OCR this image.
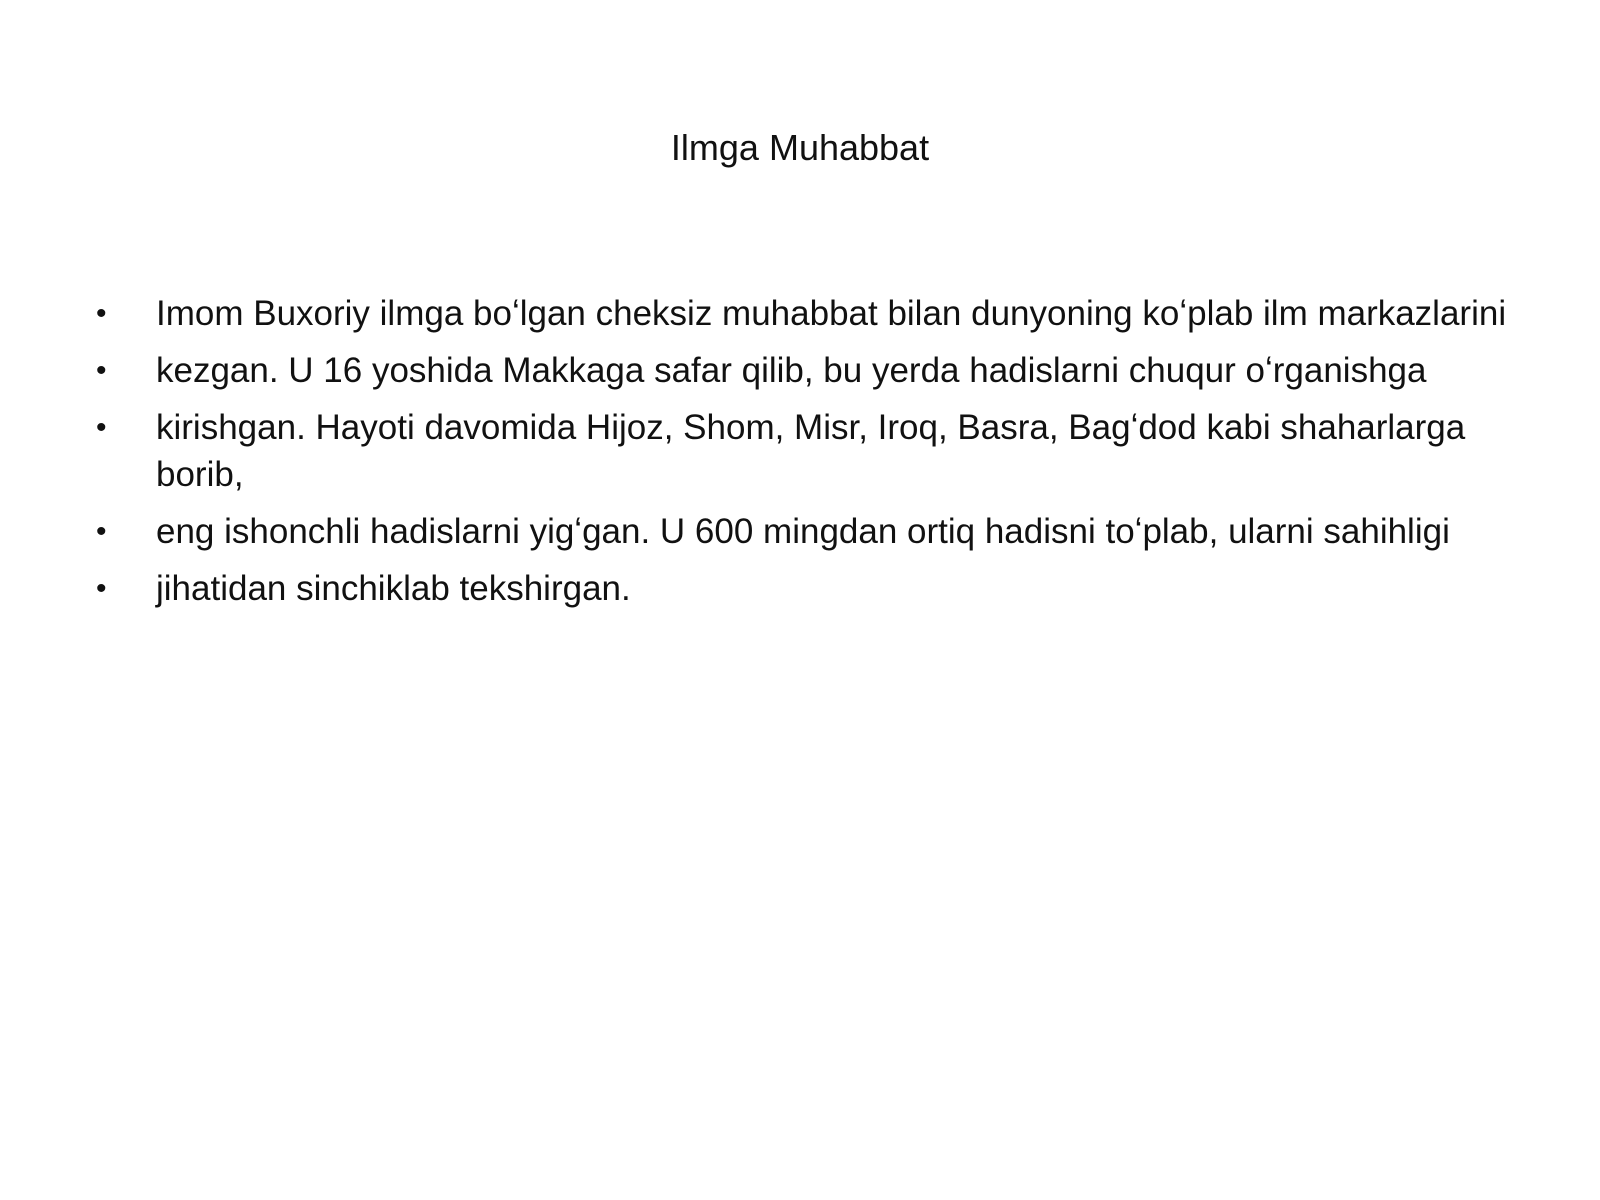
Ilmga Muhabbat
• Imom Buxoriy ilmga boʻlgan cheksiz muhabbat bilan dunyoning koʻplab ilm markazlarini
• kezgan. U 16 yoshida Makkaga safar qilib, bu yerda hadislarni chuqur oʻrganishga
• kirishgan. Hayoti davomida Hijoz, Shom, Misr, Iroq, Basra, Bagʻdod kabi shaharlarga borib,
• eng ishonchli hadislarni yigʻgan. U 600 mingdan ortiq hadisni toʻplab, ularni sahihligi
• jihatidan sinchiklab tekshirgan.
